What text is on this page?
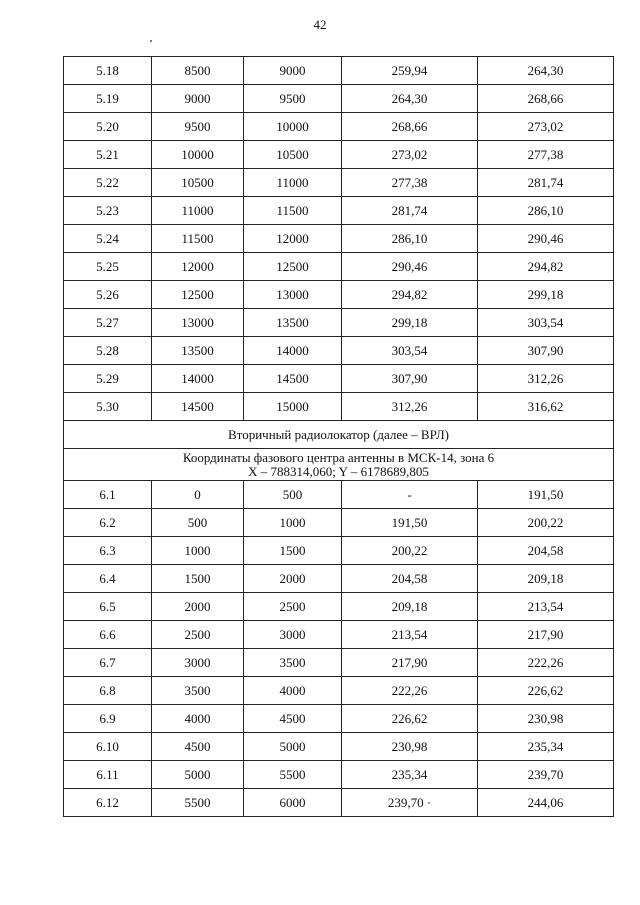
42
5.18	8500	9000	259,94	264,30
5.19	9000	9500	264,30	268,66
5.20	9500	10000	268,66	273,02
5.21	10000	10500	273,02	277,38
5.22	10500	11000	277,38	281,74
5.23	11000	11500	281,74	286,10
5.24	11500	12000	286,10	290,46
5.25	12000	12500	290,46	294,82
5.26	12500	13000	294,82	299,18
5.27	13000	13500	299,18	303,54
5.28	13500	14000	303,54	307,90
5.29	14000	14500	307,90	312,26
5.30	14500	15000	312,26	316,62
Вторичный радиолокатор (далее – ВРЛ)				

Координаты фазового центра антенны в МСК-14, зона 6
X – 788314,060; Y – 6178689,805				

6.1	0	500	-	191,50
6.2	500	1000	191,50	200,22
6.3	1000	1500	200,22	204,58
6.4	1500	2000	204,58	209,18
6.5	2000	2500	209,18	213,54
6.6	2500	3000	213,54	217,90
6.7	3000	3500	217,90	222,26
6.8	3500	4000	222,26	226,62
6.9	4000	4500	226,62	230,98
6.10	4500	5000	230,98	235,34
6.11	5000	5500	235,34	239,70
6.12	5500	6000	239,70 ·	244,06
